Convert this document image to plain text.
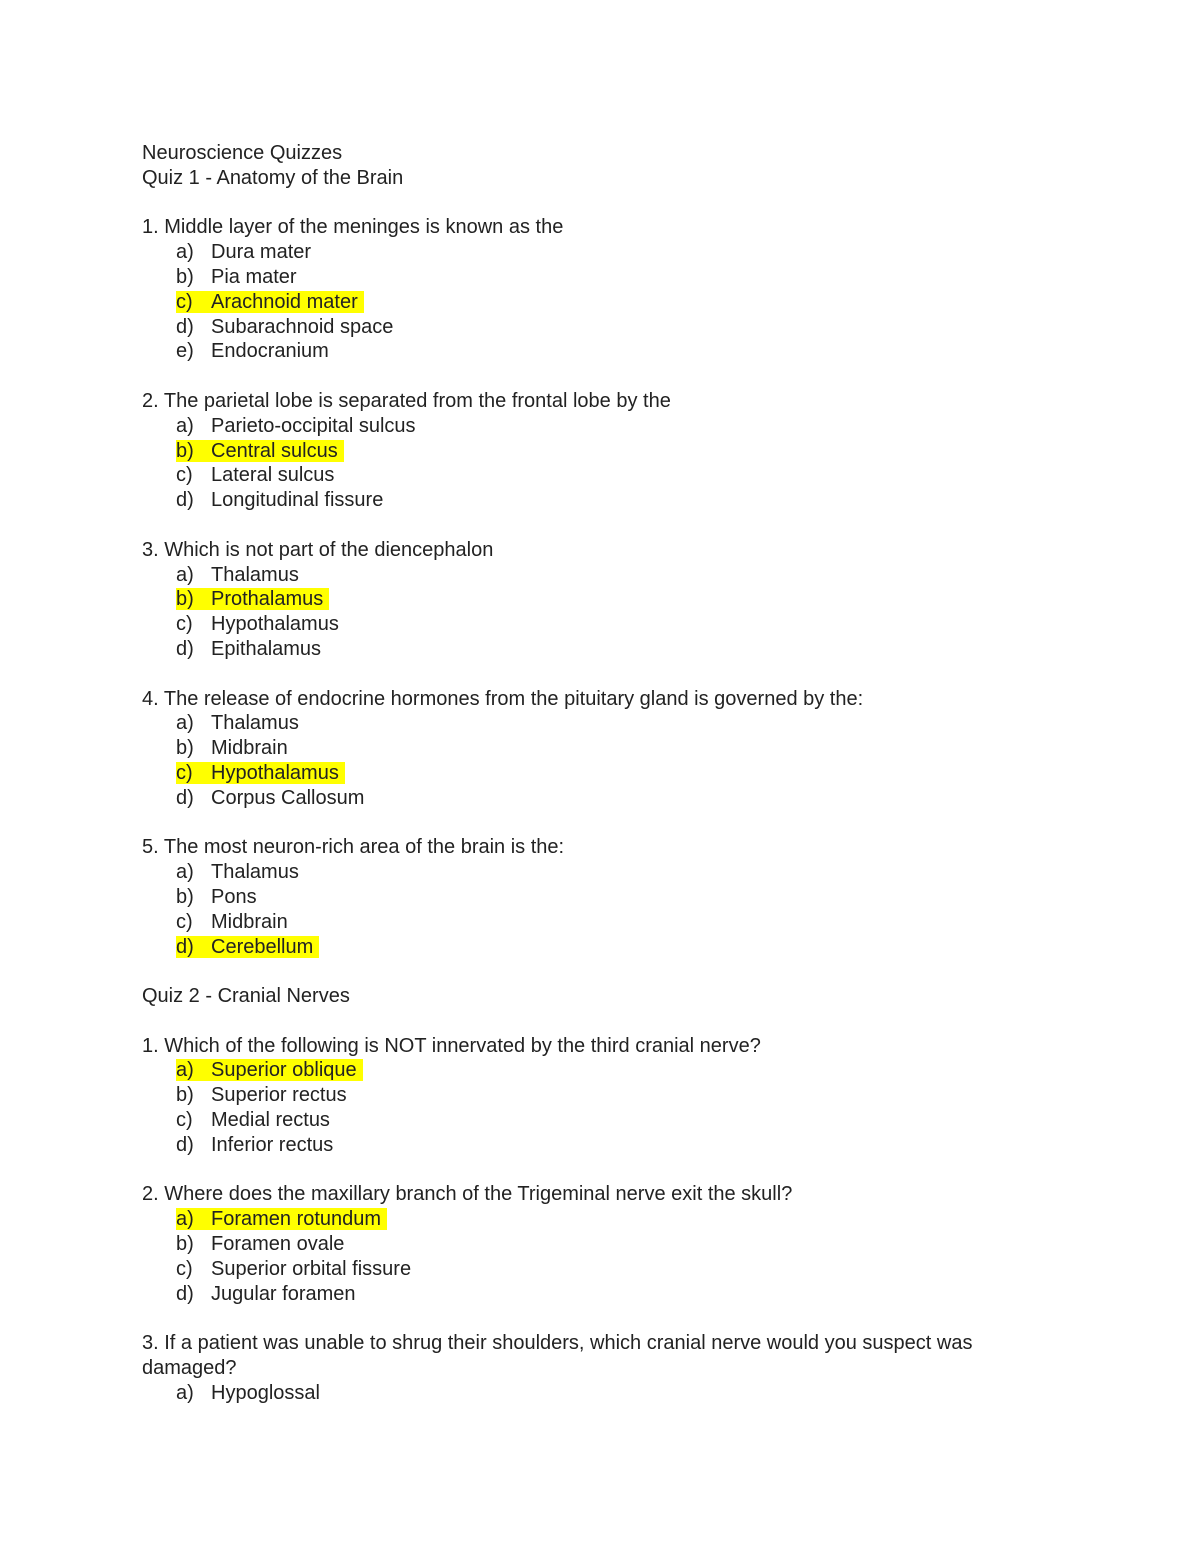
Neuroscience Quizzes
Quiz 1 - Anatomy of the Brain
1. Middle layer of the meninges is known as the
a) Dura mater
b) Pia mater
c) Arachnoid mater
d) Subarachnoid space
e) Endocranium
2. The parietal lobe is separated from the frontal lobe by the
a) Parieto-occipital sulcus
b) Central sulcus
c) Lateral sulcus
d) Longitudinal fissure
3. Which is not part of the diencephalon
a) Thalamus
b) Prothalamus
c) Hypothalamus
d) Epithalamus
4. The release of endocrine hormones from the pituitary gland is governed by the:
a) Thalamus
b) Midbrain
c) Hypothalamus
d) Corpus Callosum
5. The most neuron-rich area of the brain is the:
a) Thalamus
b) Pons
c) Midbrain
d) Cerebellum
Quiz 2 - Cranial Nerves
1. Which of the following is NOT innervated by the third cranial nerve?
a) Superior oblique
b) Superior rectus
c) Medial rectus
d) Inferior rectus
2. Where does the maxillary branch of the Trigeminal nerve exit the skull?
a) Foramen rotundum
b) Foramen ovale
c) Superior orbital fissure
d) Jugular foramen
3. If a patient was unable to shrug their shoulders, which cranial nerve would you suspect was damaged?
a) Hypoglossal
